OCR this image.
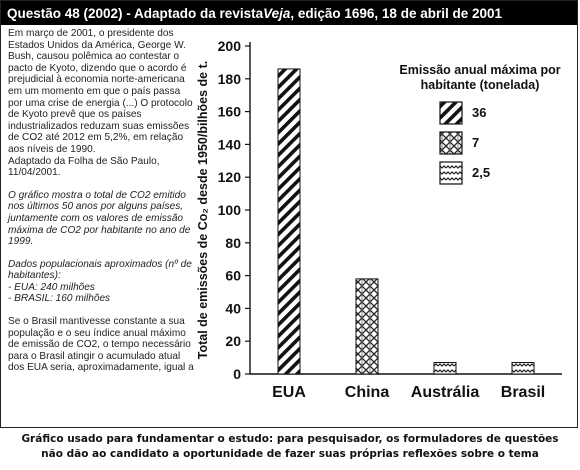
Questão 48 (2002) - Adaptado da revista Veja , edição 1696, 18 de abril de 2001

Em março de 2001, o presidente dos Estados Unidos da América, George W. Bush, causou polêmica ao contestar o pacto de Kyoto, dizendo que o acordo é prejudicial à economia norte-americana em um momento em que o país passa por uma crise de energia (...) O protocolo de Kyoto prevê que os países industrializados reduzam suas emissões de CO2 até 2012 em 5,2%, em relação aos níveis de 1990.

Adaptado da Folha de São Paulo, 11/04/2001.

O gráfico mostra o total de CO2 emitido nos últimos 50 anos por alguns países, juntamente com os valores de emissão máxima de CO2 por habitante no ano de 1999.

Dados populacionais aproximados (nº de habitantes):
- EUA: 240 milhões
- BRASIL: 160 milhões

Se o Brasil mantivesse constante a sua população e o seu índice anual máximo de emissão de CO2, o tempo necessário para o Brasil atingir o acumulado atual dos EUA seria, aproximadamente, igual a	0
20
40
60
80
100
120
140
160
180
200
Total de emissões de Co₂ desde 1950/bilhões de t.
EUA China Austrália Brasil
Emissão anual máxima por
habitante (tonelada)
36
7
2,5
Gráfico usado para fundamentar o estudo: para pesquisador, os formuladores de questões
não dão ao candidato a oportunidade de fazer suas próprias reflexões sobre o tema
